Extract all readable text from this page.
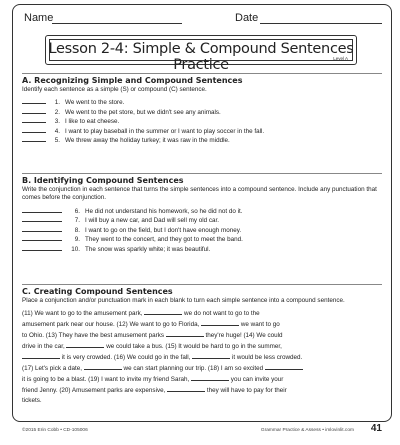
Name	Date
Lesson 2-4: Simple & Compound Sentences Practice	Level A
A. Recognizing Simple and Compound Sentences
Identify each sentence as a simple (S) or compound (C) sentence.
1. We went to the store.
2. We went to the pet store, but we didn't see any animals.
3. I like to eat cheese.
4. I want to play baseball in the summer or I want to play soccer in the fall.
5. We threw away the holiday turkey; it was raw in the middle.
B. Identifying Compound Sentences
Write the conjunction in each sentence that turns the simple sentences into a compound sentence. Include any punctuation that comes before the conjunction.
6. He did not understand his homework, so he did not do it.
7. I will buy a new car, and Dad will sell my old car.
8. I want to go on the field, but I don't have enough money.
9. They went to the concert, and they got to meet the band.
10. The snow was sparkly white; it was beautiful.
C. Creating Compound Sentences
Place a conjunction and/or punctuation mark in each blank to turn each simple sentence into a compound sentence.
(11) We want to go to the amusement park,	we do not want to go to the
amusement park near our house. (12) We want to go to Florida,	we want to go
to Ohio. (13) They have the best amusement parks	they're huge! (14) We could
drive in the car,	we could take a bus. (15) It would be hard to go in the summer,
it is very crowded. (16) We could go in the fall,	it would be less crowded.
(17) Let's pick a date,	we can start planning our trip. (18) I am so excited
it is going to be a blast. (19) I want to invite my friend Sarah,	you can invite your
friend Jenny. (20) Amusement parks are expensive,	they will have to pay for their
tickets.
©2015 Erin Cobb • CD-105006	Grammar Practice & Assess • imlovinlit.com 41
